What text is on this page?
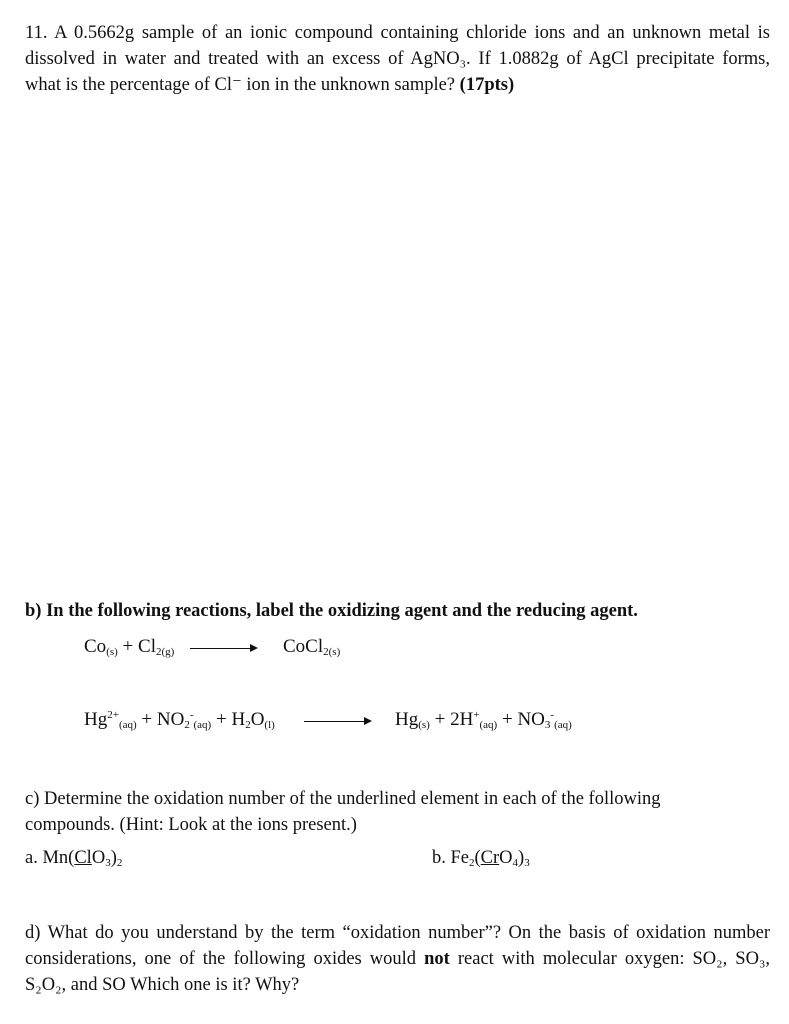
11. A 0.5662g sample of an ionic compound containing chloride ions and an unknown metal is
dissolved in water and treated with an excess of AgNO₃. If 1.0882g of AgCl precipitate forms,
what is the percentage of Cl⁻ ion in the unknown sample? (17pts)
b) In the following reactions, label the oxidizing agent and the reducing agent.
$Co_{(s)} + Cl_{2(g)}$ → CoCl$_{2(s)}$
$Hg^{2+}_{(aq)} + NO_2^-_{(aq)} + H_2O_{(l)} \to Hg_{(s)} + 2H^+_{(aq)} + NO_3^-_{(aq)}$
c) Determine the oxidation number of the underlined element in each of the following
compounds. (Hint: Look at the ions present.)
a. $Mn(ClO_3)_2$	b. $Fe_2(CrO_4)_3$
d) What do you understand by the term “oxidation number”? On the basis of oxidation number
considerations, one of the following oxides would not react with molecular oxygen: SO₂, SO₃,
S₂O₂, and SO Which one is it? Why?
